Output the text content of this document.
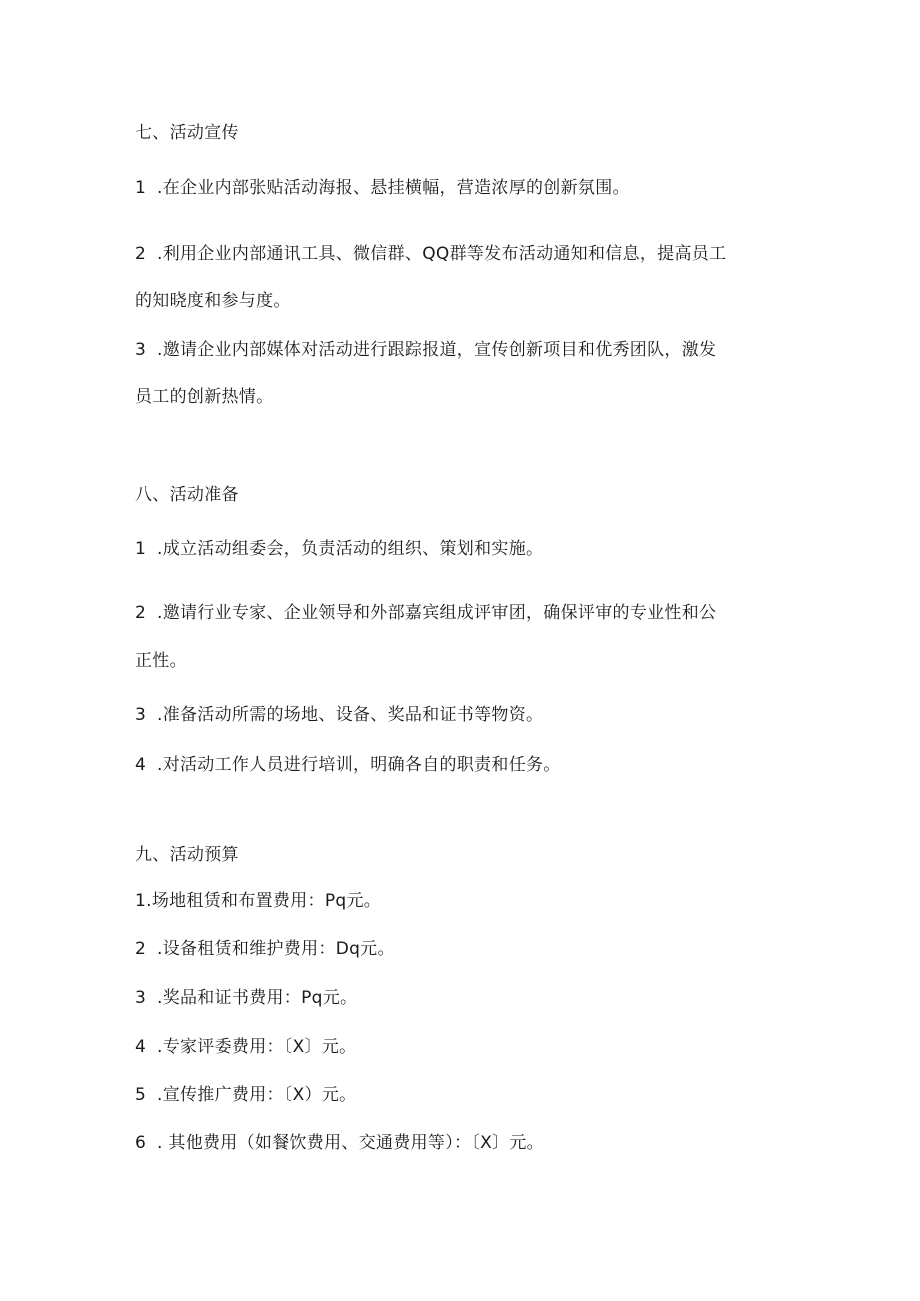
七、活动宣传
1 .在企业内部张贴活动海报、悬挂横幅，营造浓厚的创新氛围。
2 .利用企业内部通讯工具、微信群、QQ群等发布活动通知和信息，提高员工
的知晓度和参与度。
3 .邀请企业内部媒体对活动进行跟踪报道，宣传创新项目和优秀团队，激发
员工的创新热情。
八、活动准备
1 .成立活动组委会，负责活动的组织、策划和实施。
2 .邀请行业专家、企业领导和外部嘉宾组成评审团，确保评审的专业性和公
正性。
3 .准备活动所需的场地、设备、奖品和证书等物资。
4 .对活动工作人员进行培训，明确各自的职责和任务。
九、活动预算
1.场地租赁和布置费用：Pq元。
2 .设备租赁和维护费用：Dq元。
3 .奖品和证书费用：Pq元。
4 .专家评委费用：〔X〕元。
5 .宣传推广费用：〔X）元。
6 . 其他费用（如餐饮费用、交通费用等）：〔X〕元。
